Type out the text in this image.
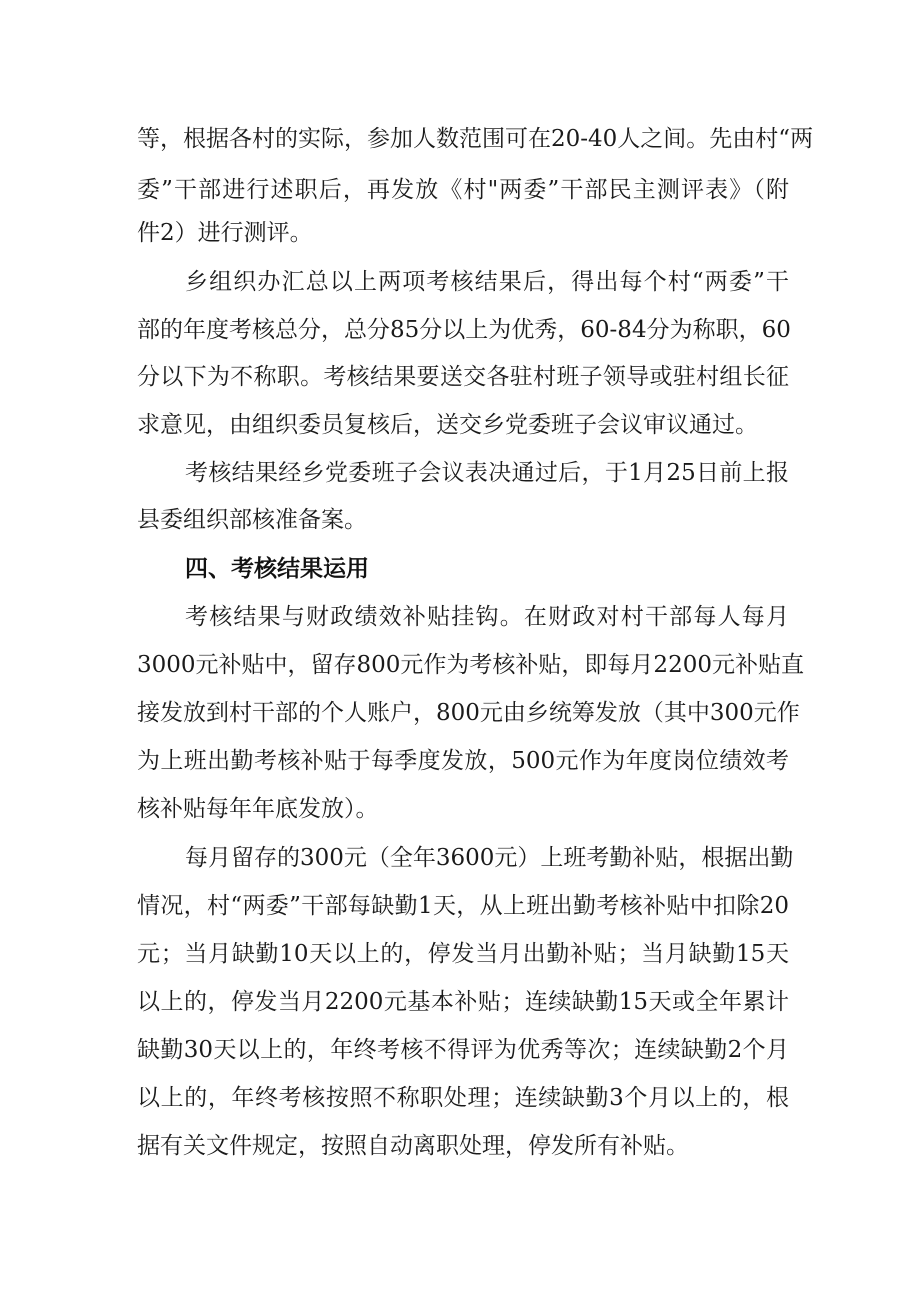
等，根据各村的实际，参加人数范围可在20-40人之间。先由村“两
委”干部进行述职后，再发放《村"两委”干部民主测评表》（附
件2）进行测评。
乡组织办汇总以上两项考核结果后，得出每个村“两委”干
部的年度考核总分，总分85分以上为优秀，60-84分为称职，60
分以下为不称职。考核结果要送交各驻村班子领导或驻村组长征
求意见，由组织委员复核后，送交乡党委班子会议审议通过。
考核结果经乡党委班子会议表决通过后，于1月25日前上报
县委组织部核准备案。
四、考核结果运用
考核结果与财政绩效补贴挂钩。在财政对村干部每人每月
3000元补贴中，留存800元作为考核补贴，即每月2200元补贴直
接发放到村干部的个人账户，800元由乡统筹发放（其中300元作
为上班出勤考核补贴于每季度发放，500元作为年度岗位绩效考
核补贴每年年底发放）。
每月留存的300元（全年3600元）上班考勤补贴，根据出勤
情况，村“两委”干部每缺勤1天，从上班出勤考核补贴中扣除20
元；当月缺勤10天以上的，停发当月出勤补贴；当月缺勤15天
以上的，停发当月2200元基本补贴；连续缺勤15天或全年累计
缺勤30天以上的，年终考核不得评为优秀等次；连续缺勤2个月
以上的，年终考核按照不称职处理；连续缺勤3个月以上的，根
据有关文件规定，按照自动离职处理，停发所有补贴。
